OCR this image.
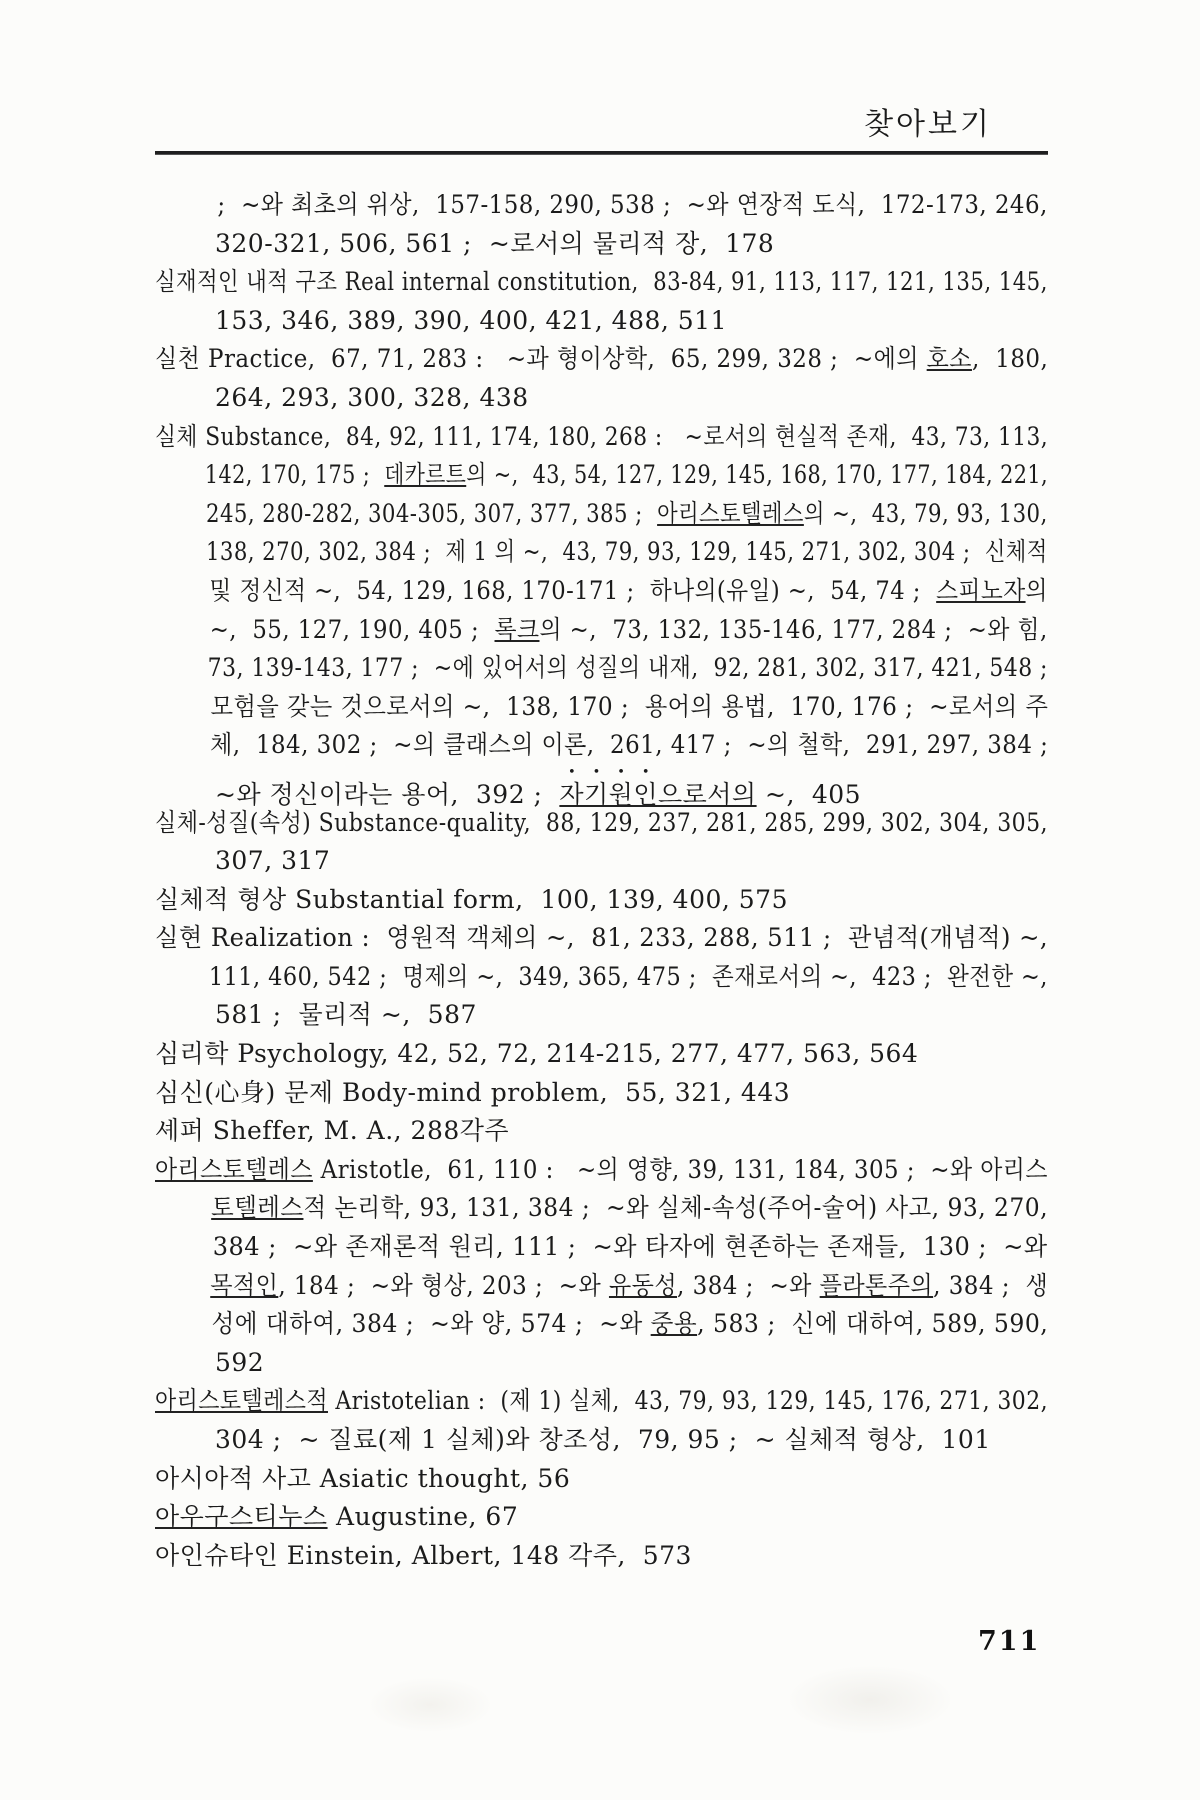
찾아보기
;  ~와 최초의 위상,  157-158, 290, 538 ;  ~와 연장적 도식,  172-173, 246,
320-321, 506, 561 ;  ~로서의 물리적 장,  178
실재적인 내적 구조 Real internal constitution,  83-84, 91, 113, 117, 121, 135, 145,
153, 346, 389, 390, 400, 421, 488, 511
실천 Practice,  67, 71, 283 :   ~과 형이상학,  65, 299, 328 ;  ~에의 호소,  180,
264, 293, 300, 328, 438
실체 Substance,  84, 92, 111, 174, 180, 268 :   ~로서의 현실적 존재,  43, 73, 113,
142, 170, 175 ;  데카르트의 ~,  43, 54, 127, 129, 145, 168, 170, 177, 184, 221,
245, 280-282, 304-305, 307, 377, 385 ;  아리스토텔레스의 ~,  43, 79, 93, 130,
138, 270, 302, 384 ;  제 1 의 ~,  43, 79, 93, 129, 145, 271, 302, 304 ;  신체적
및 정신적 ~,  54, 129, 168, 170-171 ;  하나의(유일) ~,  54, 74 ;  스피노자의
~,  55, 127, 190, 405 ;  록크의 ~,  73, 132, 135-146, 177, 284 ;  ~와 힘,
73, 139-143, 177 ;  ~에 있어서의 성질의 내재,  92, 281, 302, 317, 421, 548 ;
모험을 갖는 것으로서의 ~,  138, 170 ;  용어의 용법,  170, 176 ;  ~로서의 주
체,  184, 302 ;  ~의 클래스의 이론,  261, 417 ;  ~의 철학,  291, 297, 384 ;
~와 정신이라는 용어,  392 ;  자기원인으로서의 ~,  405
실체-성질(속성) Substance-quality,  88, 129, 237, 281, 285, 299, 302, 304, 305,
307, 317
실체적 형상 Substantial form,  100, 139, 400, 575
실현 Realization :  영원적 객체의 ~,  81, 233, 288, 511 ;  관념적(개념적) ~,
111, 460, 542 ;  명제의 ~,  349, 365, 475 ;  존재로서의 ~,  423 ;  완전한 ~,
581 ;  물리적 ~,  587
심리학 Psychology, 42, 52, 72, 214-215, 277, 477, 563, 564
심신(心身) 문제 Body-mind problem,  55, 321, 443
셰퍼 Sheffer, M. A., 288각주
아리스토텔레스 Aristotle,  61, 110 :   ~의 영향, 39, 131, 184, 305 ;  ~와 아리스
토텔레스적 논리학, 93, 131, 384 ;  ~와 실체-속성(주어-술어) 사고, 93, 270,
384 ;  ~와 존재론적 원리, 111 ;  ~와 타자에 현존하는 존재들,  130 ;  ~와
목적인, 184 ;  ~와 형상, 203 ;  ~와 유동성, 384 ;  ~와 플라톤주의, 384 ;  생
성에 대하여, 384 ;  ~와 양, 574 ;  ~와 중용, 583 ;  신에 대하여, 589, 590,
592
아리스토텔레스적 Aristotelian :  (제 1) 실체,  43, 79, 93, 129, 145, 176, 271, 302,
304 ;  ~ 질료(제 1 실체)와 창조성,  79, 95 ;  ~ 실체적 형상,  101
아시아적 사고 Asiatic thought, 56
아우구스티누스 Augustine, 67
아인슈타인 Einstein, Albert, 148 각주,  573
711
